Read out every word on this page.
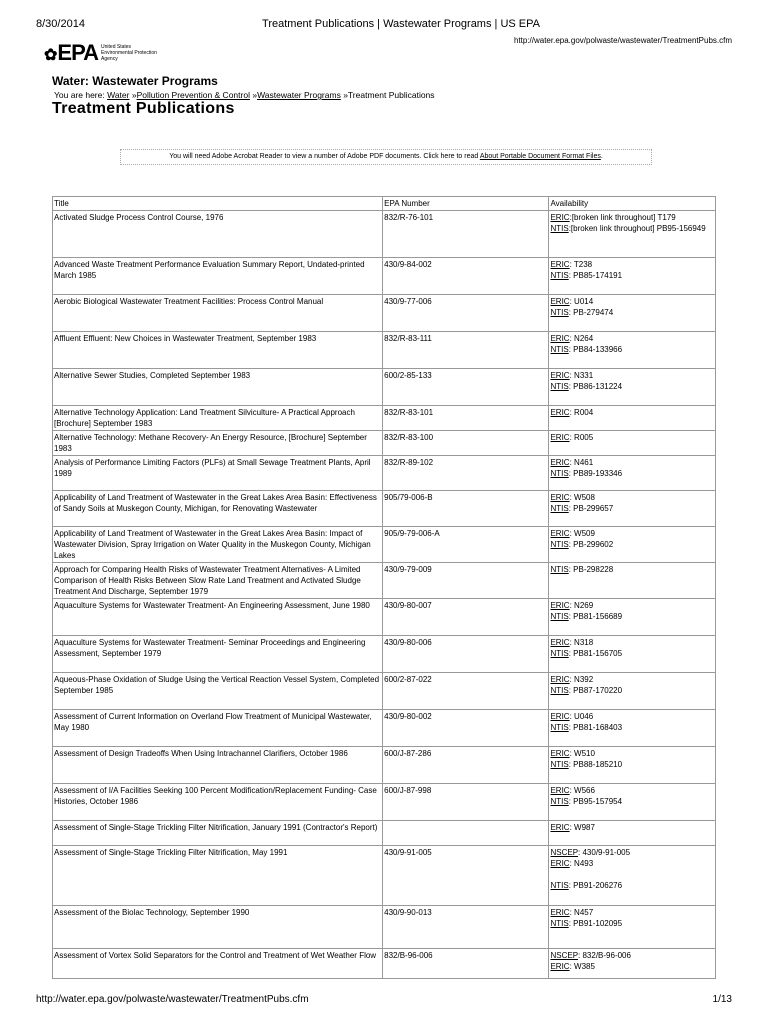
8/30/2014	Treatment Publications | Wastewater Programs | US EPA
http://water.epa.gov/polwaste/wastewater/TreatmentPubs.cfm
✿EPA United States
Environmental Protection
Agency
Water: Wastewater Programs
You are here: Water »Pollution Prevention & Control »Wastewater Programs »Treatment Publications
Treatment Publications
You will need Adobe Acrobat Reader to view a number of Adobe PDF documents. Click here to read About Portable Document Format Files.
Title	EPA Number	Availability
Activated Sludge Process Control Course, 1976	832/R-76-101	ERIC:[broken link throughout] T179
NTIS:[broken link throughout] PB95-156949

Advanced Waste Treatment Performance Evaluation Summary Report, Undated-printed March 1985	430/9-84-002	ERIC: T238
NTIS: PB85-174191

Aerobic Biological Wastewater Treatment Facilities: Process Control Manual	430/9-77-006	ERIC: U014
NTIS: PB-279474

Affluent Effluent: New Choices in Wastewater Treatment, September 1983	832/R-83-111	ERIC: N264
NTIS: PB84-133966

Alternative Sewer Studies, Completed September 1983	600/2-85-133	ERIC: N331
NTIS: PB86-131224

Alternative Technology Application: Land Treatment Silviculture- A Practical Approach [Brochure] September 1983	832/R-83-101	ERIC: R004

Alternative Technology: Methane Recovery- An Energy Resource, [Brochure] September 1983	832/R-83-100	ERIC: R005

Analysis of Performance Limiting Factors (PLFs) at Small Sewage Treatment Plants, April 1989	832/R-89-102	ERIC: N461
NTIS: PB89-193346

Applicability of Land Treatment of Wastewater in the Great Lakes Area Basin: Effectiveness of Sandy Soils at Muskegon County, Michigan, for Renovating Wastewater	905/79-006-B	ERIC: W508
NTIS: PB-299657

Applicability of Land Treatment of Wastewater in the Great Lakes Area Basin: Impact of Wastewater Division, Spray Irrigation on Water Quality in the Muskegon County, Michigan Lakes	905/9-79-006-A	ERIC: W509
NTIS: PB-299602

Approach for Comparing Health Risks of Wastewater Treatment Alternatives- A Limited Comparison of Health Risks Between Slow Rate Land Treatment and Activated Sludge Treatment And Discharge, September 1979	430/9-79-009	NTIS: PB-298228

Aquaculture Systems for Wastewater Treatment- An Engineering Assessment, June 1980	430/9-80-007	ERIC: N269
NTIS: PB81-156689

Aquaculture Systems for Wastewater Treatment- Seminar Proceedings and Engineering Assessment, September 1979	430/9-80-006	ERIC: N318
NTIS: PB81-156705

Aqueous-Phase Oxidation of Sludge Using the Vertical Reaction Vessel System, Completed September 1985	600/2-87-022	ERIC: N392
NTIS: PB87-170220

Assessment of Current Information on Overland Flow Treatment of Municipal Wastewater, May 1980	430/9-80-002	ERIC: U046
NTIS: PB81-168403

Assessment of Design Tradeoffs When Using Intrachannel Clarifiers, October 1986	600/J-87-286	ERIC: W510
NTIS: PB88-185210

Assessment of I/A Facilities Seeking 100 Percent Modification/Replacement Funding- Case Histories, October 1986	600/J-87-998	ERIC: W566
NTIS: PB95-157954

Assessment of Single-Stage Trickling Filter Nitrification, January 1991 (Contractor's Report)		ERIC: W987

Assessment of Single-Stage Trickling Filter Nitrification, May 1991	430/9-91-005	NSCEP: 430/9-91-005
ERIC: N493

NTIS: PB91-206276

Assessment of the Biolac Technology, September 1990	430/9-90-013	ERIC: N457
NTIS: PB91-102095

Assessment of Vortex Solid Separators for the Control and Treatment of Wet Weather Flow	832/B-96-006	NSCEP: 832/B-96-006
ERIC: W385
http://water.epa.gov/polwaste/wastewater/TreatmentPubs.cfm	1/13
